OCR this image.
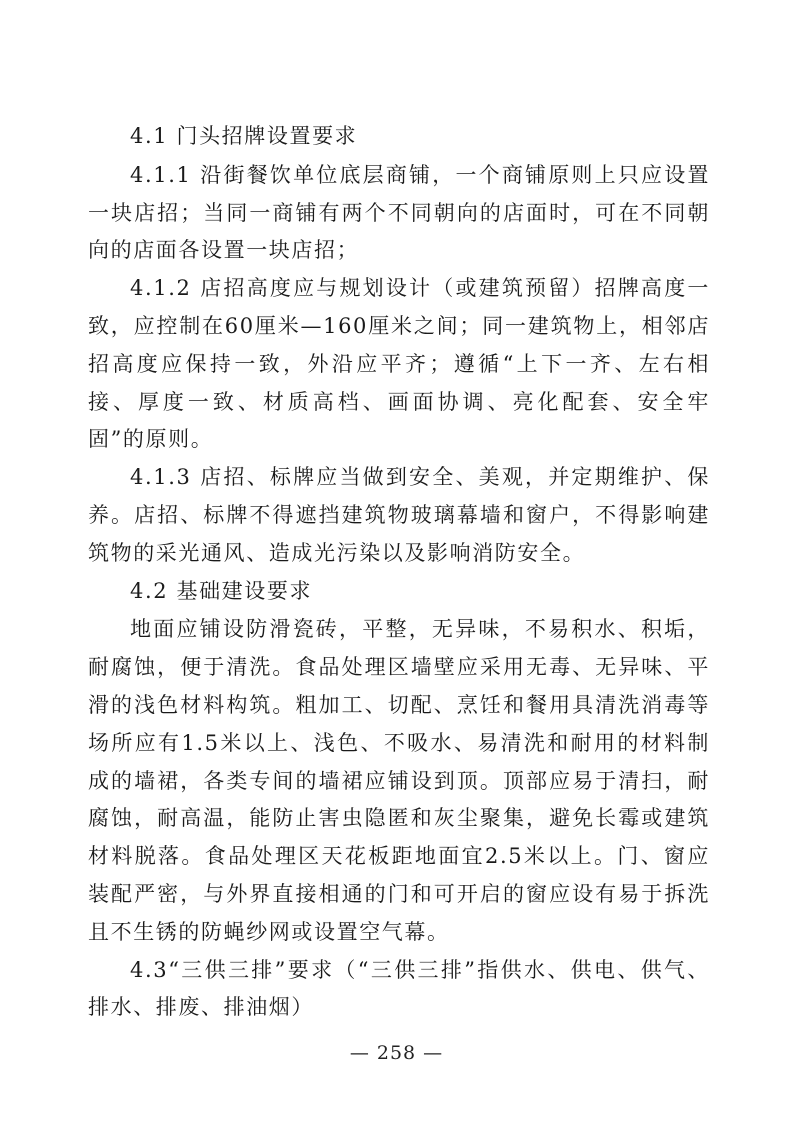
4.1 门头招牌设置要求

4.1.1 沿街餐饮单位底层商铺，一个商铺原则上只应设置一块店招；当同一商铺有两个不同朝向的店面时，可在不同朝向的店面各设置一块店招；

4.1.2 店招高度应与规划设计（或建筑预留）招牌高度一致，应控制在60厘米—160厘米之间；同一建筑物上，相邻店招高度应保持一致，外沿应平齐；遵循“上下一齐、左右相接、厚度一致、材质高档、画面协调、亮化配套、安全牢固”的原则。

4.1.3 店招、标牌应当做到安全、美观，并定期维护、保养。店招、标牌不得遮挡建筑物玻璃幕墙和窗户，不得影响建筑物的采光通风、造成光污染以及影响消防安全。

4.2 基础建设要求

地面应铺设防滑瓷砖，平整，无异味，不易积水、积垢，耐腐蚀，便于清洗。食品处理区墙壁应采用无毒、无异味、平滑的浅色材料构筑。粗加工、切配、烹饪和餐用具清洗消毒等场所应有1.5米以上、浅色、不吸水、易清洗和耐用的材料制成的墙裙，各类专间的墙裙应铺设到顶。顶部应易于清扫，耐腐蚀，耐高温，能防止害虫隐匿和灰尘聚集，避免长霉或建筑材料脱落。食品处理区天花板距地面宜2.5米以上。门、窗应装配严密，与外界直接相通的门和可开启的窗应设有易于拆洗且不生锈的防蝇纱网或设置空气幕。

4.3“三供三排”要求（“三供三排”指供水、供电、供气、排水、排废、排油烟）

— 258 —
